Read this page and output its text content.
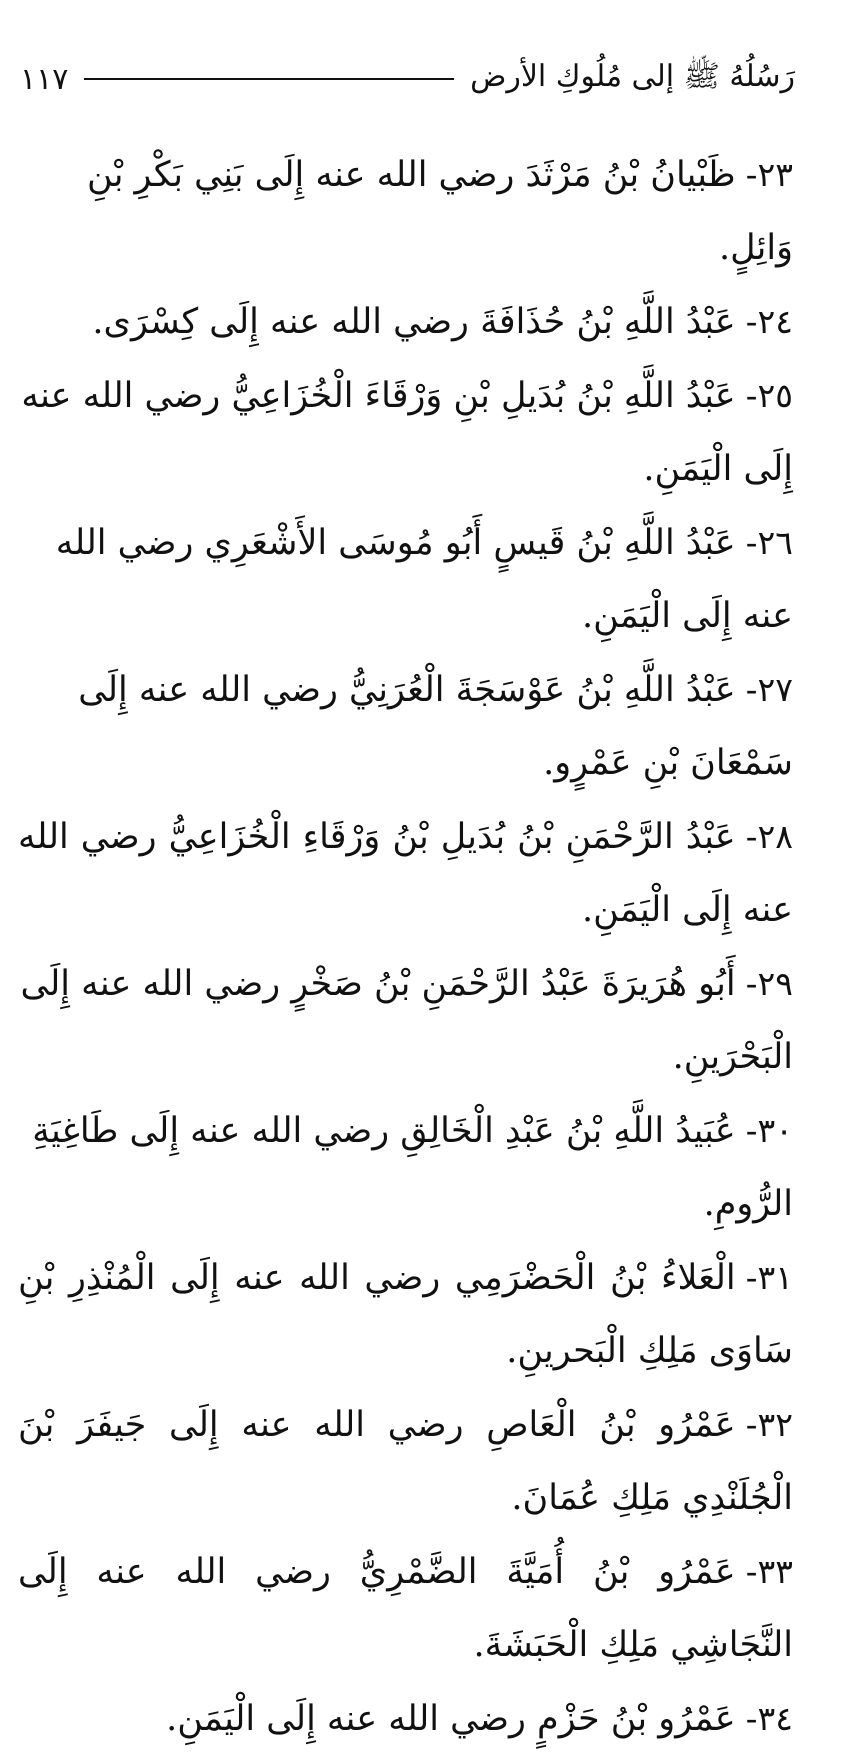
رَسُلُهُ ﷺ إلى مُلُوكِ الأرض
١١٧
٢٣-ظَبْيانُ بْنُ مَرْثَدَ رضي الله عنه إِلَى بَنِي بَكْرِ بْنِ وَائِلٍ.
٢٤-عَبْدُ اللَّهِ بْنُ حُذَافَةَ رضي الله عنه إِلَى كِسْرَى.
٢٥-عَبْدُ اللَّهِ بْنُ بُدَيلِ بْنِ وَرْقَاءَ الْخُزَاعِيُّ رضي الله عنه إِلَى الْيَمَنِ.
٢٦-عَبْدُ اللَّهِ بْنُ قَيسٍ أَبُو مُوسَى الأَشْعَرِي رضي الله عنه إِلَى الْيَمَنِ.
٢٧-عَبْدُ اللَّهِ بْنُ عَوْسَجَةَ الْعُرَنِيُّ رضي الله عنه إِلَى سَمْعَانَ بْنِ عَمْرٍو.
٢٨-عَبْدُ الرَّحْمَنِ بْنُ بُدَيلِ بْنُ وَرْقَاءِ الْخُزَاعِيُّ رضي الله عنه إِلَى الْيَمَنِ.
٢٩-أَبُو هُرَيرَةَ عَبْدُ الرَّحْمَنِ بْنُ صَخْرٍ رضي الله عنه إِلَى الْبَحْرَينِ.
٣٠-عُبَيدُ اللَّهِ بْنُ عَبْدِ الْخَالِقِ رضي الله عنه إِلَى طَاغِيَةِ الرُّومِ.
٣١-الْعَلاءُ بْنُ الْحَضْرَمِي رضي الله عنه إِلَى الْمُنْذِرِ بْنِ سَاوَى مَلِكِ الْبَحرينِ.
٣٢-عَمْرُو بْنُ الْعَاصِ رضي الله عنه إِلَى جَيفَرَ بْنَ الْجُلَنْدِي مَلِكِ عُمَانَ.
٣٣-عَمْرُو بْنُ أُمَيَّةَ الضَّمْرِيُّ رضي الله عنه إِلَى النَّجَاشِي مَلِكِ الْحَبَشَةَ.
٣٤-عَمْرُو بْنُ حَزْمٍ رضي الله عنه إِلَى الْيَمَنِ.
